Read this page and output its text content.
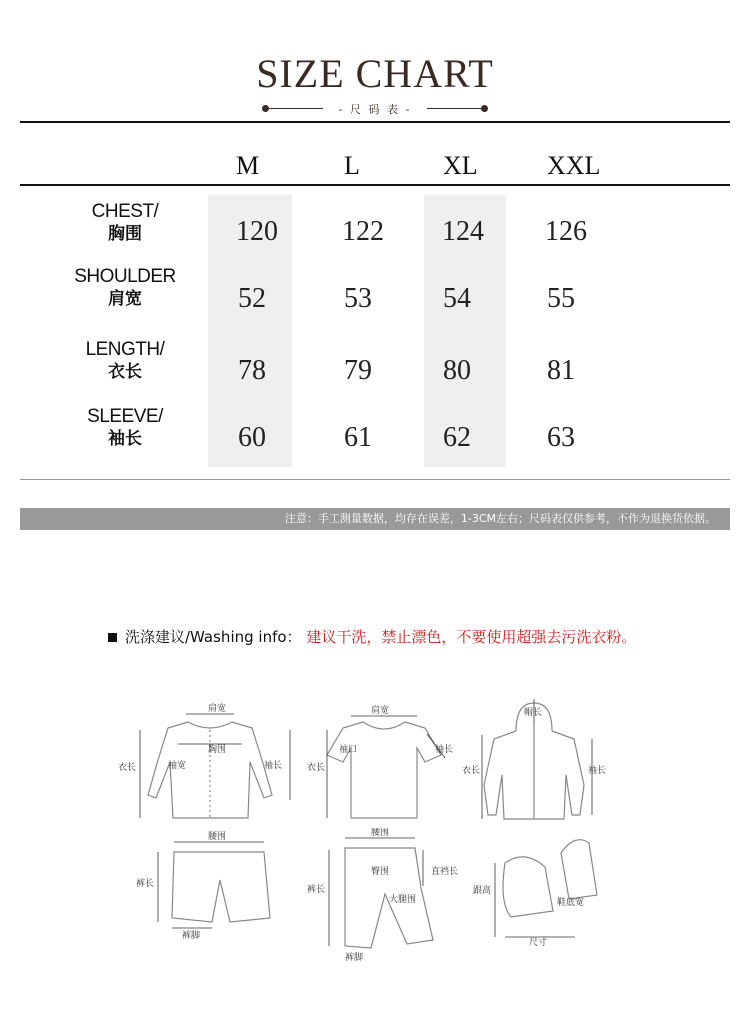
SIZE CHART
- 尺 码 表 -
M	L	XL	XXL
CHEST/
胸围	120 122 124 126
SHOULDER
肩宽	52	53	54	55
LENGTH/
衣长	78	79	80	81
SLEEVE/
袖长	60	61	62	63
注意：手工测量数据，均存在误差，1-3CM左右；尺码表仅供参考，不作为退换货依据。
洗涤建议/Washing info： 建议干洗，禁止漂色，不要使用超强去污洗衣粉。
肩宽
胸围
衣长	袖宽	袖长
肩宽
袖口	袖长
衣长
帽长
衣长	袖长
腰围
裤长
裤脚
腰围
臀围	直裆长
大腿围
裤长
裤脚
跟高
鞋底宽
尺寸
